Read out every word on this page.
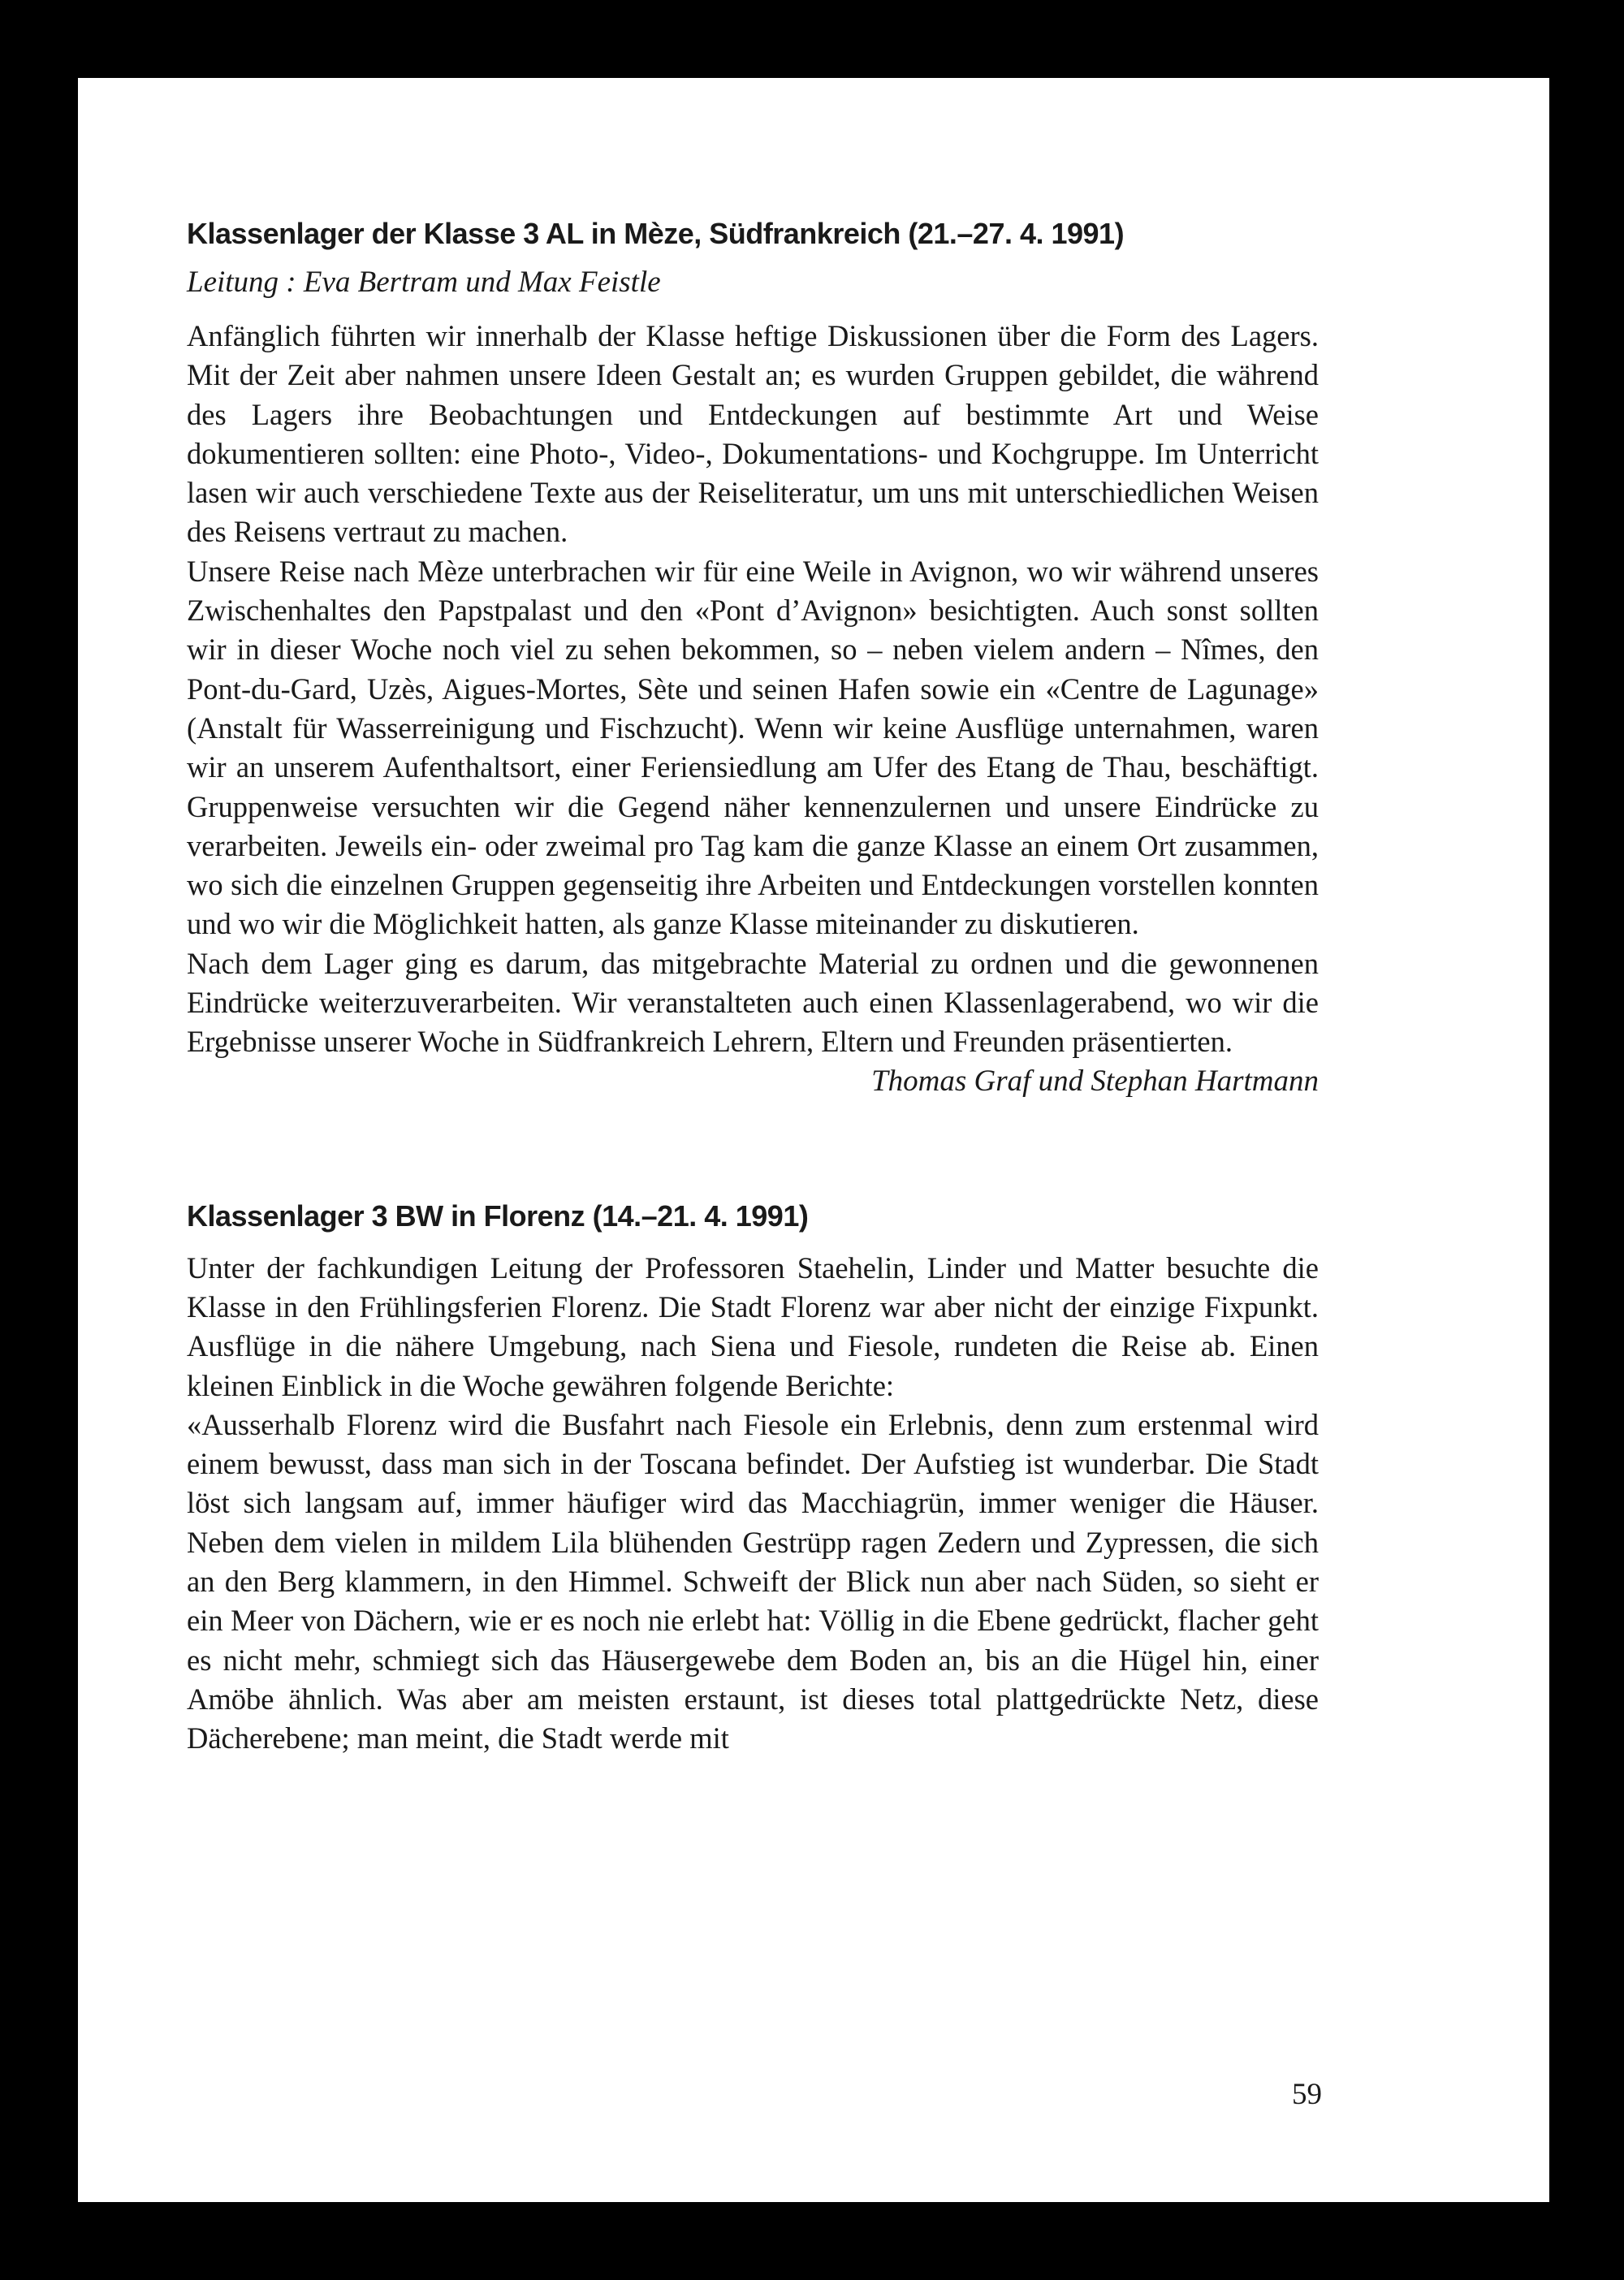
Klassenlager der Klasse 3 AL in Mèze, Südfrankreich (21.–27. 4. 1991)

Leitung : Eva Bertram und Max Feistle

Anfänglich führten wir innerhalb der Klasse heftige Diskussionen über die Form des Lagers. Mit der Zeit aber nahmen unsere Ideen Gestalt an; es wurden Gruppen gebildet, die während des Lagers ihre Beobachtungen und Entdeckungen auf bestimmte Art und Weise dokumentieren sollten: eine Photo-, Video-, Dokumentations- und Kochgruppe. Im Unterricht lasen wir auch verschiedene Texte aus der Reiseliteratur, um uns mit unterschiedlichen Weisen des Reisens vertraut zu machen.

Unsere Reise nach Mèze unterbrachen wir für eine Weile in Avignon, wo wir während unseres Zwischenhaltes den Papstpalast und den «Pont d’Avignon» besichtigten. Auch sonst sollten wir in dieser Woche noch viel zu sehen bekommen, so – neben vielem andern – Nîmes, den Pont-du-Gard, Uzès, Aigues-Mortes, Sète und seinen Hafen sowie ein «Centre de Lagunage» (Anstalt für Wasserreinigung und Fischzucht). Wenn wir keine Ausflüge unternahmen, waren wir an unserem Aufenthaltsort, einer Feriensiedlung am Ufer des Etang de Thau, beschäftigt. Gruppenweise versuchten wir die Gegend näher kennenzulernen und unsere Eindrücke zu verarbeiten. Jeweils ein- oder zweimal pro Tag kam die ganze Klasse an einem Ort zusammen, wo sich die einzelnen Gruppen gegenseitig ihre Arbeiten und Entdeckungen vorstellen konnten und wo wir die Möglichkeit hatten, als ganze Klasse miteinander zu diskutieren.

Nach dem Lager ging es darum, das mitgebrachte Material zu ordnen und die gewonnenen Eindrücke weiterzuverarbeiten. Wir veranstalteten auch einen Klassenlagerabend, wo wir die Ergebnisse unserer Woche in Südfrankreich Lehrern, Eltern und Freunden präsentierten.

Thomas Graf und Stephan Hartmann

Klassenlager 3 BW in Florenz (14.–21. 4. 1991)

Unter der fachkundigen Leitung der Professoren Staehelin, Linder und Matter besuchte die Klasse in den Frühlingsferien Florenz. Die Stadt Florenz war aber nicht der einzige Fixpunkt. Ausflüge in die nähere Umgebung, nach Siena und Fiesole, rundeten die Reise ab. Einen kleinen Einblick in die Woche gewähren folgende Berichte:

«Ausserhalb Florenz wird die Busfahrt nach Fiesole ein Erlebnis, denn zum erstenmal wird einem bewusst, dass man sich in der Toscana befindet. Der Aufstieg ist wunderbar. Die Stadt löst sich langsam auf, immer häufiger wird das Macchiagrün, immer weniger die Häuser. Neben dem vielen in mildem Lila blühenden Gestrüpp ragen Zedern und Zypressen, die sich an den Berg klammern, in den Himmel. Schweift der Blick nun aber nach Süden, so sieht er ein Meer von Dächern, wie er es noch nie erlebt hat: Völlig in die Ebene gedrückt, flacher geht es nicht mehr, schmiegt sich das Häusergewebe dem Boden an, bis an die Hügel hin, einer Amöbe ähnlich. Was aber am meisten erstaunt, ist dieses total plattgedrückte Netz, diese Dächerebene; man meint, die Stadt werde mit

59
